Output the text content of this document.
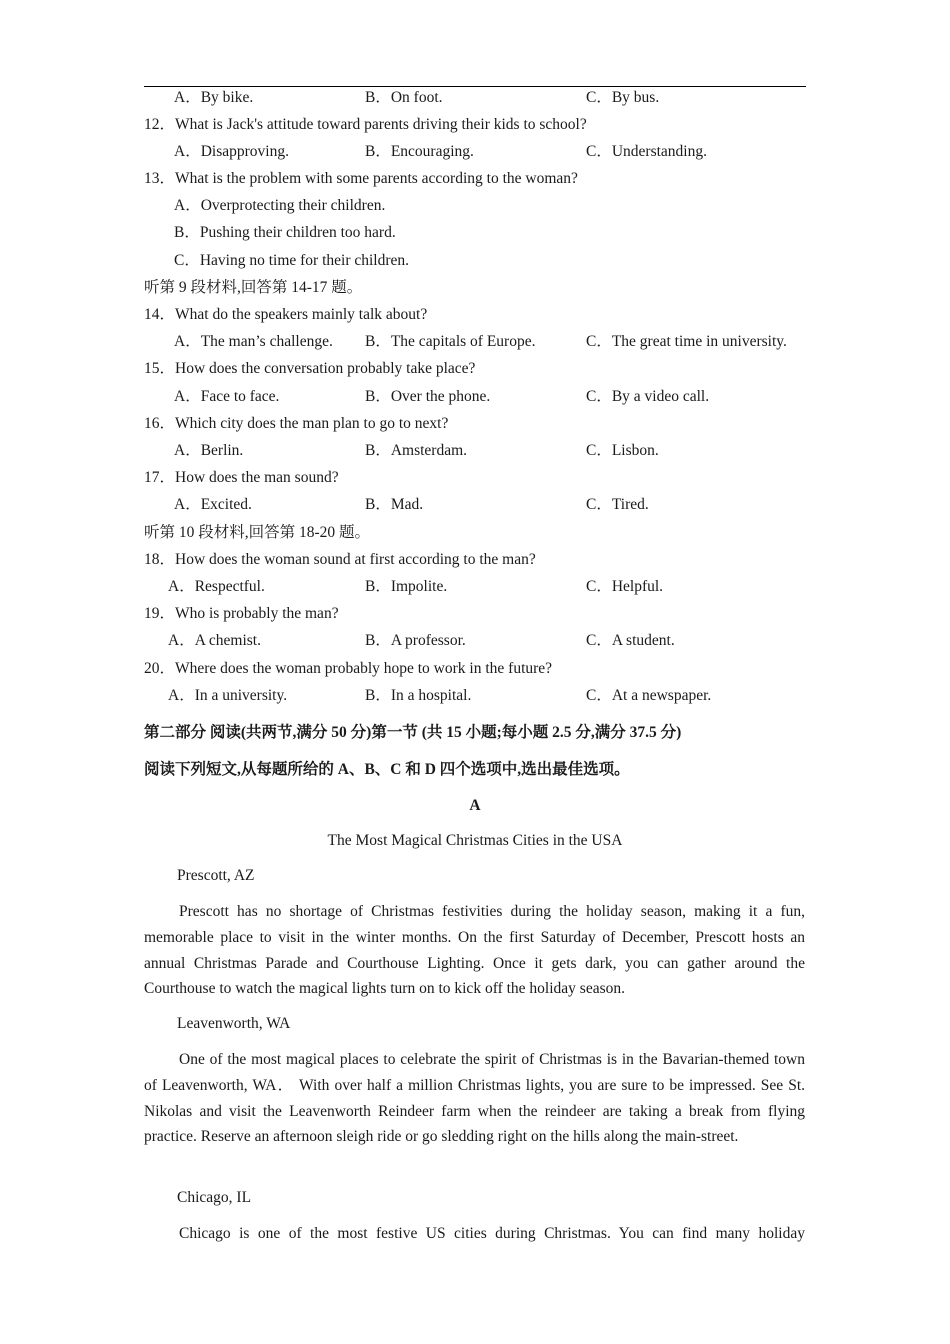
A．By bike.	B．On foot.	C．By bus.
12．What is Jack's attitude toward parents driving their kids to school?
A．Disapproving.	B．Encouraging.	C．Understanding.
13．What is the problem with some parents according to the woman?
A．Overprotecting their children.
B．Pushing their children too hard.
C．Having no time for their children.
听第 9 段材料,回答第 14-17 题。
14．What do the speakers mainly talk about?
A．The man’s challenge. B．The capitals of Europe.	C．The great time in university.
15．How does the conversation probably take place?
A．Face to face.	B．Over the phone.	C．By a video call.
16．Which city does the man plan to go to next?
A．Berlin.	B．Amsterdam.	C．Lisbon.
17．How does the man sound?
A．Excited.	B．Mad.	C．Tired.
听第 10 段材料,回答第 18-20 题。
18．How does the woman sound at first according to the man?
A．Respectful.	B．Impolite.	C．Helpful.
19．Who is probably the man?
A．A chemist.	B．A professor.	C．A student.
20．Where does the woman probably hope to work in the future?
A．In a university.	B．In a hospital.	C．At a newspaper.
第二部分 阅读(共两节,满分 50 分)第一节 (共 15 小题;每小题 2.5 分,满分 37.5 分)
阅读下列短文,从每题所给的 A、B、C 和 D 四个选项中,选出最佳选项。
A
The Most Magical Christmas Cities in the USA
Prescott, AZ
Prescott has no shortage of Christmas festivities during the holiday season, making it a fun, memorable place to visit in the winter months. On the first Saturday of December, Prescott hosts an annual Christmas Parade and Courthouse Lighting. Once it gets dark, you can gather around the Courthouse to watch the magical lights turn on to kick off the holiday season.
Leavenworth, WA
One of the most magical places to celebrate the spirit of Christmas is in the Bavarian-themed town of Leavenworth, WA． With over half a million Christmas lights, you are sure to be impressed. See St. Nikolas and visit the Leavenworth Reindeer farm when the reindeer are taking a break from flying practice. Reserve an afternoon sleigh ride or go sledding right on the hills along the main-street.
Chicago, IL
Chicago is one of the most festive US cities during Christmas. You can find many holiday
